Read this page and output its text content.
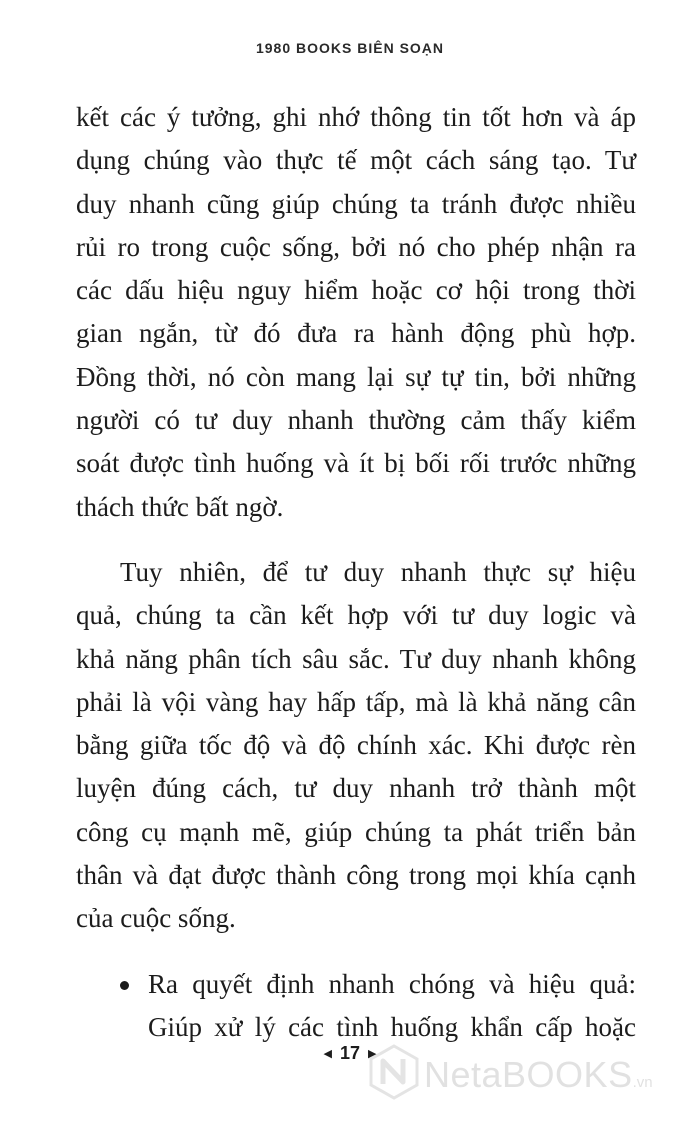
1980 BOOKS BIÊN SOẠN
kết các ý tưởng, ghi nhớ thông tin tốt hơn và áp
dụng chúng vào thực tế một cách sáng tạo. Tư
duy nhanh cũng giúp chúng ta tránh được nhiều
rủi ro trong cuộc sống, bởi nó cho phép nhận ra
các dấu hiệu nguy hiểm hoặc cơ hội trong thời
gian ngắn, từ đó đưa ra hành động phù hợp.
Đồng thời, nó còn mang lại sự tự tin, bởi những
người có tư duy nhanh thường cảm thấy kiểm
soát được tình huống và ít bị bối rối trước những
thách thức bất ngờ.
Tuy nhiên, để tư duy nhanh thực sự hiệu
quả, chúng ta cần kết hợp với tư duy logic và
khả năng phân tích sâu sắc. Tư duy nhanh không
phải là vội vàng hay hấp tấp, mà là khả năng cân
bằng giữa tốc độ và độ chính xác. Khi được rèn
luyện đúng cách, tư duy nhanh trở thành một
công cụ mạnh mẽ, giúp chúng ta phát triển bản
thân và đạt được thành công trong mọi khía cạnh
của cuộc sống.
Ra quyết định nhanh chóng và hiệu quả:
Giúp xử lý các tình huống khẩn cấp hoặc
◀ 17 ▶	NetaBOOKS.vn
